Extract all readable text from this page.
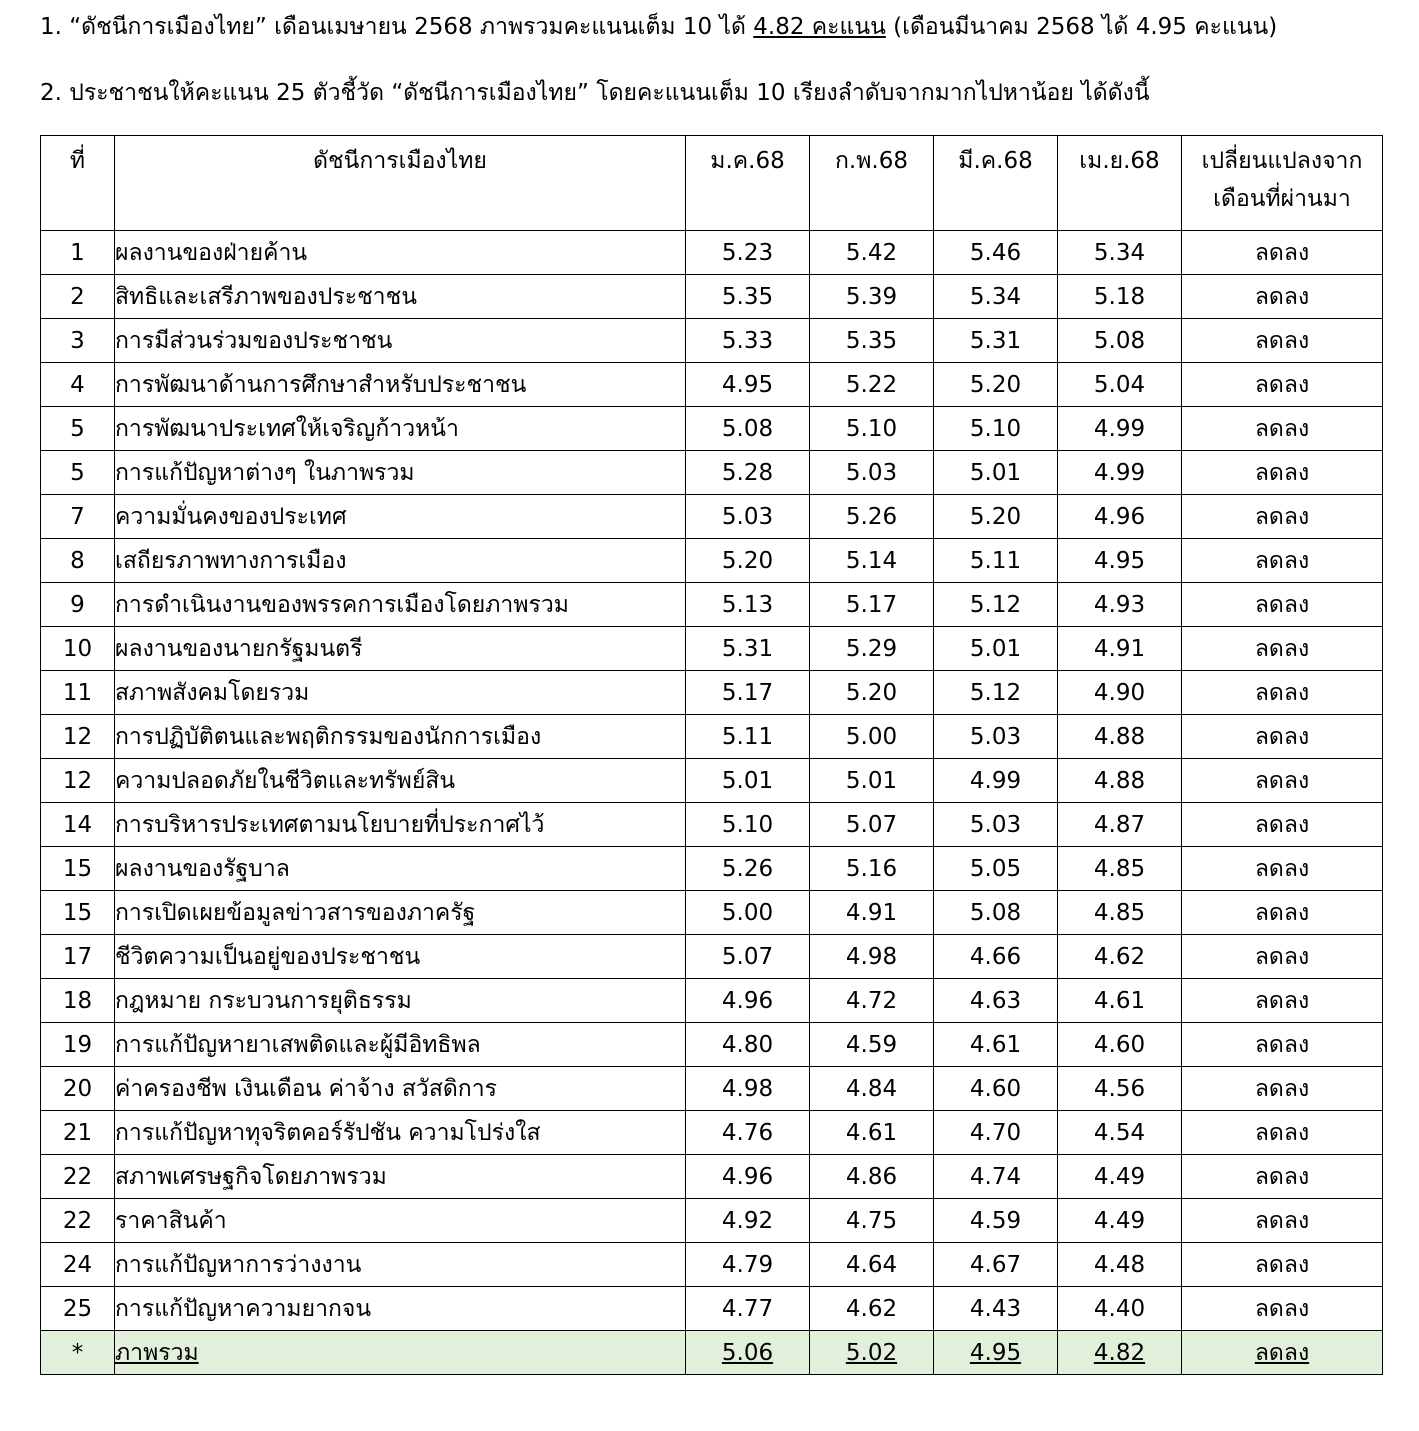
1. “ดัชนีการเมืองไทย” เดือนเมษายน 2568 ภาพรวมคะแนนเต็ม 10 ได้ 4.82 คะแนน (เดือนมีนาคม 2568 ได้ 4.95 คะแนน)
2. ประชาชนให้คะแนน 25 ตัวชี้วัด “ดัชนีการเมืองไทย” โดยคะแนนเต็ม 10 เรียงลำดับจากมากไปหาน้อย ได้ดังนี้
ที่	ดัชนีการเมืองไทย	ม.ค.68	ก.พ.68	มี.ค.68	เม.ย.68	เปลี่ยนแปลงจาก
เดือนที่ผ่านมา
1	ผลงานของฝ่ายค้าน	5.23	5.42	5.46	5.34	ลดลง
2	สิทธิและเสรีภาพของประชาชน	5.35	5.39	5.34	5.18	ลดลง
3	การมีส่วนร่วมของประชาชน	5.33	5.35	5.31	5.08	ลดลง
4	การพัฒนาด้านการศึกษาสำหรับประชาชน	4.95	5.22	5.20	5.04	ลดลง
5	การพัฒนาประเทศให้เจริญก้าวหน้า	5.08	5.10	5.10	4.99	ลดลง
5	การแก้ปัญหาต่างๆ ในภาพรวม	5.28	5.03	5.01	4.99	ลดลง
7	ความมั่นคงของประเทศ	5.03	5.26	5.20	4.96	ลดลง
8	เสถียรภาพทางการเมือง	5.20	5.14	5.11	4.95	ลดลง
9	การดำเนินงานของพรรคการเมืองโดยภาพรวม	5.13	5.17	5.12	4.93	ลดลง
10	ผลงานของนายกรัฐมนตรี	5.31	5.29	5.01	4.91	ลดลง
11	สภาพสังคมโดยรวม	5.17	5.20	5.12	4.90	ลดลง
12	การปฏิบัติตนและพฤติกรรมของนักการเมือง	5.11	5.00	5.03	4.88	ลดลง
12	ความปลอดภัยในชีวิตและทรัพย์สิน	5.01	5.01	4.99	4.88	ลดลง
14	การบริหารประเทศตามนโยบายที่ประกาศไว้	5.10	5.07	5.03	4.87	ลดลง
15	ผลงานของรัฐบาล	5.26	5.16	5.05	4.85	ลดลง
15	การเปิดเผยข้อมูลข่าวสารของภาครัฐ	5.00	4.91	5.08	4.85	ลดลง
17	ชีวิตความเป็นอยู่ของประชาชน	5.07	4.98	4.66	4.62	ลดลง
18	กฎหมาย กระบวนการยุติธรรม	4.96	4.72	4.63	4.61	ลดลง
19	การแก้ปัญหายาเสพติดและผู้มีอิทธิพล	4.80	4.59	4.61	4.60	ลดลง
20	ค่าครองชีพ เงินเดือน ค่าจ้าง สวัสดิการ	4.98	4.84	4.60	4.56	ลดลง
21	การแก้ปัญหาทุจริตคอร์รัปชัน ความโปร่งใส	4.76	4.61	4.70	4.54	ลดลง
22	สภาพเศรษฐกิจโดยภาพรวม	4.96	4.86	4.74	4.49	ลดลง
22	ราคาสินค้า	4.92	4.75	4.59	4.49	ลดลง
24	การแก้ปัญหาการว่างงาน	4.79	4.64	4.67	4.48	ลดลง
25	การแก้ปัญหาความยากจน	4.77	4.62	4.43	4.40	ลดลง
*	ภาพรวม	5.06	5.02	4.95	4.82	ลดลง
